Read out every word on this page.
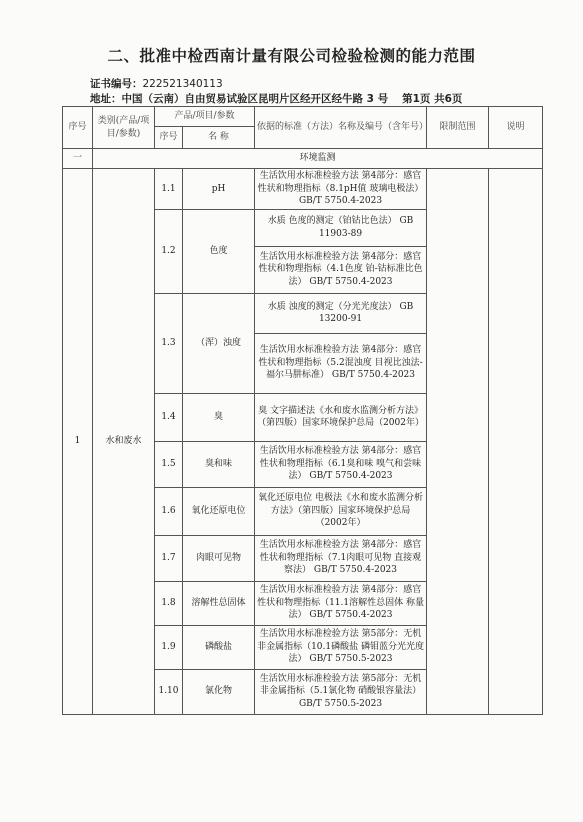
二、批准中检西南计量有限公司检验检测的能力范围
证书编号：222521340113
地址：中国（云南）自由贸易试验区昆明片区经开区经牛路 3 号 第1页 共6页
序号	类别(产品/项目/参数)	产品/项目/参数		依据的标准（方法）名称及编号（含年号）	限制范围	说明
		序号	名 称			
一	环境监测					
1	水和废水	1.1	pH	生活饮用水标准检验方法 第4部分：感官性状和物理指标（8.1pH值 玻璃电极法） GB/T 5750.4-2023		
		1.2	色度	水质 色度的测定（铂钴比色法） GB 11903-89		
				生活饮用水标准检验方法 第4部分：感官性状和物理指标（4.1色度 铂-钴标准比色法） GB/T 5750.4-2023		
		1.3	（浑）浊度	水质 浊度的测定（分光光度法） GB 13200-91		
				生活饮用水标准检验方法 第4部分：感官性状和物理指标（5.2混浊度 目视比浊法-福尔马肼标准） GB/T 5750.4-2023		
		1.4	臭	臭 文字描述法《水和废水监测分析方法》（第四版）国家环境保护总局（2002年）		
		1.5	臭和味	生活饮用水标准检验方法 第4部分：感官性状和物理指标（6.1臭和味 嗅气和尝味法） GB/T 5750.4-2023		
		1.6	氧化还原电位	氧化还原电位 电极法《水和废水监测分析方法》（第四版）国家环境保护总局（2002年）		
		1.7	肉眼可见物	生活饮用水标准检验方法 第4部分：感官性状和物理指标（7.1肉眼可见物 直接观察法） GB/T 5750.4-2023		
		1.8	溶解性总固体	生活饮用水标准检验方法 第4部分：感官性状和物理指标（11.1溶解性总固体 称量法） GB/T 5750.4-2023		
		1.9	磷酸盐	生活饮用水标准检验方法 第5部分：无机非金属指标（10.1磷酸盐 磷钼蓝分光光度法） GB/T 5750.5-2023		
		1.10	氯化物	生活饮用水标准检验方法 第5部分：无机非金属指标（5.1氯化物 硝酸银容量法） GB/T 5750.5-2023		
